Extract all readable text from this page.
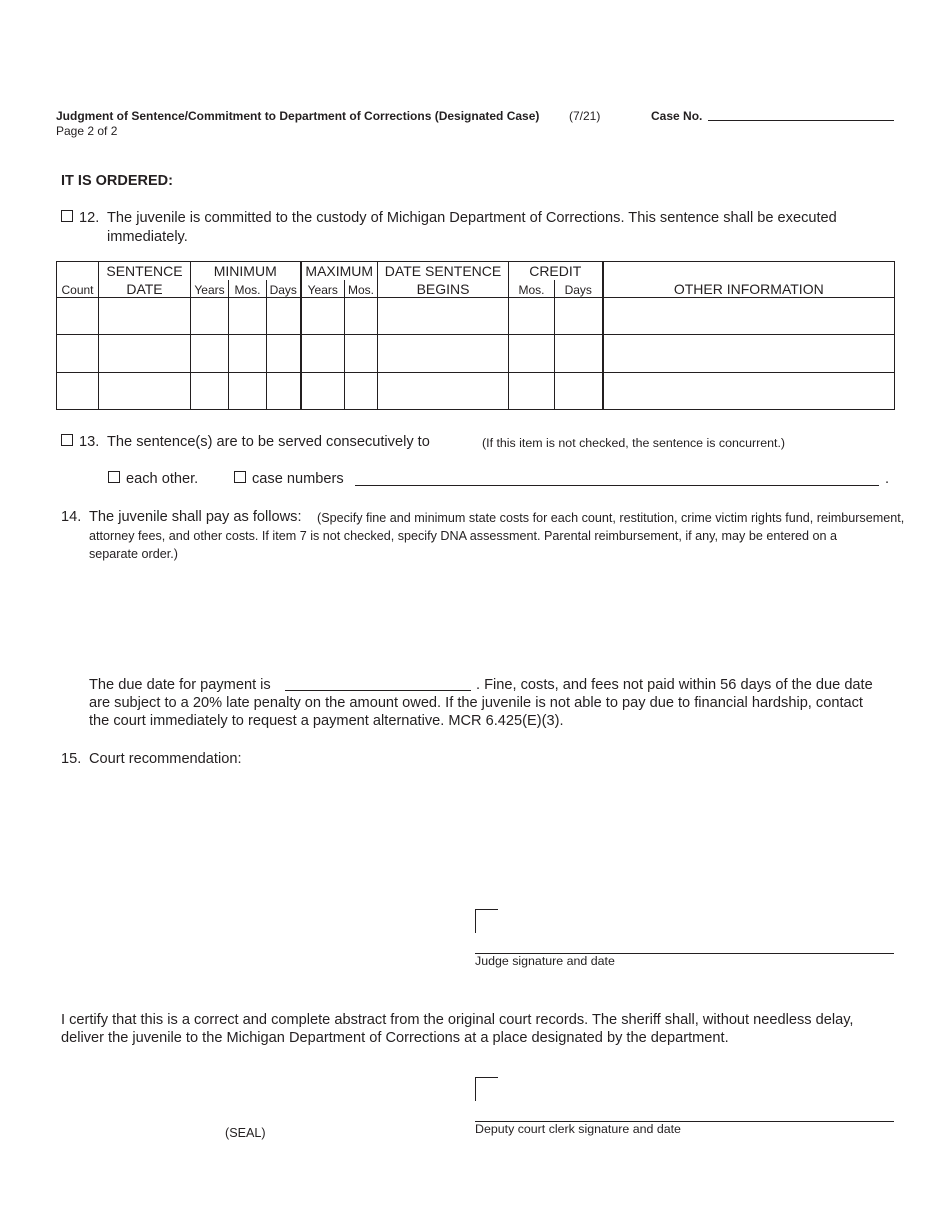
Judgment of Sentence/Commitment to Department of Corrections (Designated Case) (7/21)	Case No.
Page 2 of 2
IT IS ORDERED:
12. The juvenile is committed to the custody of Michigan Department of Corrections. This sentence shall be executed
immediately.
	SENTENCE	MINIMUM			MAXIMUM		DATE SENTENCE	CREDIT		
Count	DATE	Years	Mos.	Days	Years	Mos.	BEGINS	Mos.	Days	OTHER INFORMATION

13. The sentence(s) are to be served consecutively to	(If this item is not checked, the sentence is concurrent.)
each other.	case numbers	.
14. The juvenile shall pay as follows: (Specify fine and minimum state costs for each count, restitution, crime victim rights fund, reimbursement,
attorney fees, and other costs. If item 7 is not checked, specify DNA assessment. Parental reimbursement, if any, may be entered on a
separate order.)
The due date for payment is	. Fine, costs, and fees not paid within 56 days of the due date
are subject to a 20% late penalty on the amount owed. If the juvenile is not able to pay due to financial hardship, contact
the court immediately to request a payment alternative. MCR 6.425(E)(3).
15. Court recommendation:
Judge signature and date
I certify that this is a correct and complete abstract from the original court records. The sheriff shall, without needless delay,
deliver the juvenile to the Michigan Department of Corrections at a place designated by the department.
Deputy court clerk signature and date
(SEAL)
